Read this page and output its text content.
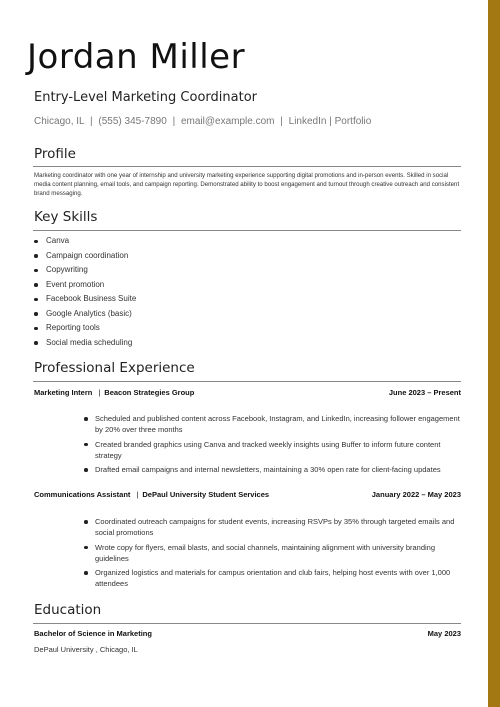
Jordan Miller
Entry-Level Marketing Coordinator
Chicago, IL | (555) 345-7890 | email@example.com | LinkedIn | Portfolio
Profile
Marketing coordinator with one year of internship and university marketing experience supporting digital promotions and in-person events. Skilled in social media content planning, email tools, and campaign reporting. Demonstrated ability to boost engagement and turnout through creative outreach and consistent brand messaging.
Key Skills
Canva
Campaign coordination
Copywriting
Event promotion
Facebook Business Suite
Google Analytics (basic)
Reporting tools
Social media scheduling
Professional Experience
Marketing Intern | Beacon Strategies Group	June 2023 – Present
Scheduled and published content across Facebook, Instagram, and LinkedIn, increasing follower engagement by 20% over three months
Created branded graphics using Canva and tracked weekly insights using Buffer to inform future content strategy
Drafted email campaigns and internal newsletters, maintaining a 30% open rate for client-facing updates
Communications Assistant | DePaul University Student Services	January 2022 – May 2023
Coordinated outreach campaigns for student events, increasing RSVPs by 35% through targeted emails and social promotions
Wrote copy for flyers, email blasts, and social channels, maintaining alignment with university branding guidelines
Organized logistics and materials for campus orientation and club fairs, helping host events with over 1,000 attendees
Education
Bachelor of Science in Marketing	May 2023
DePaul University , Chicago, IL
